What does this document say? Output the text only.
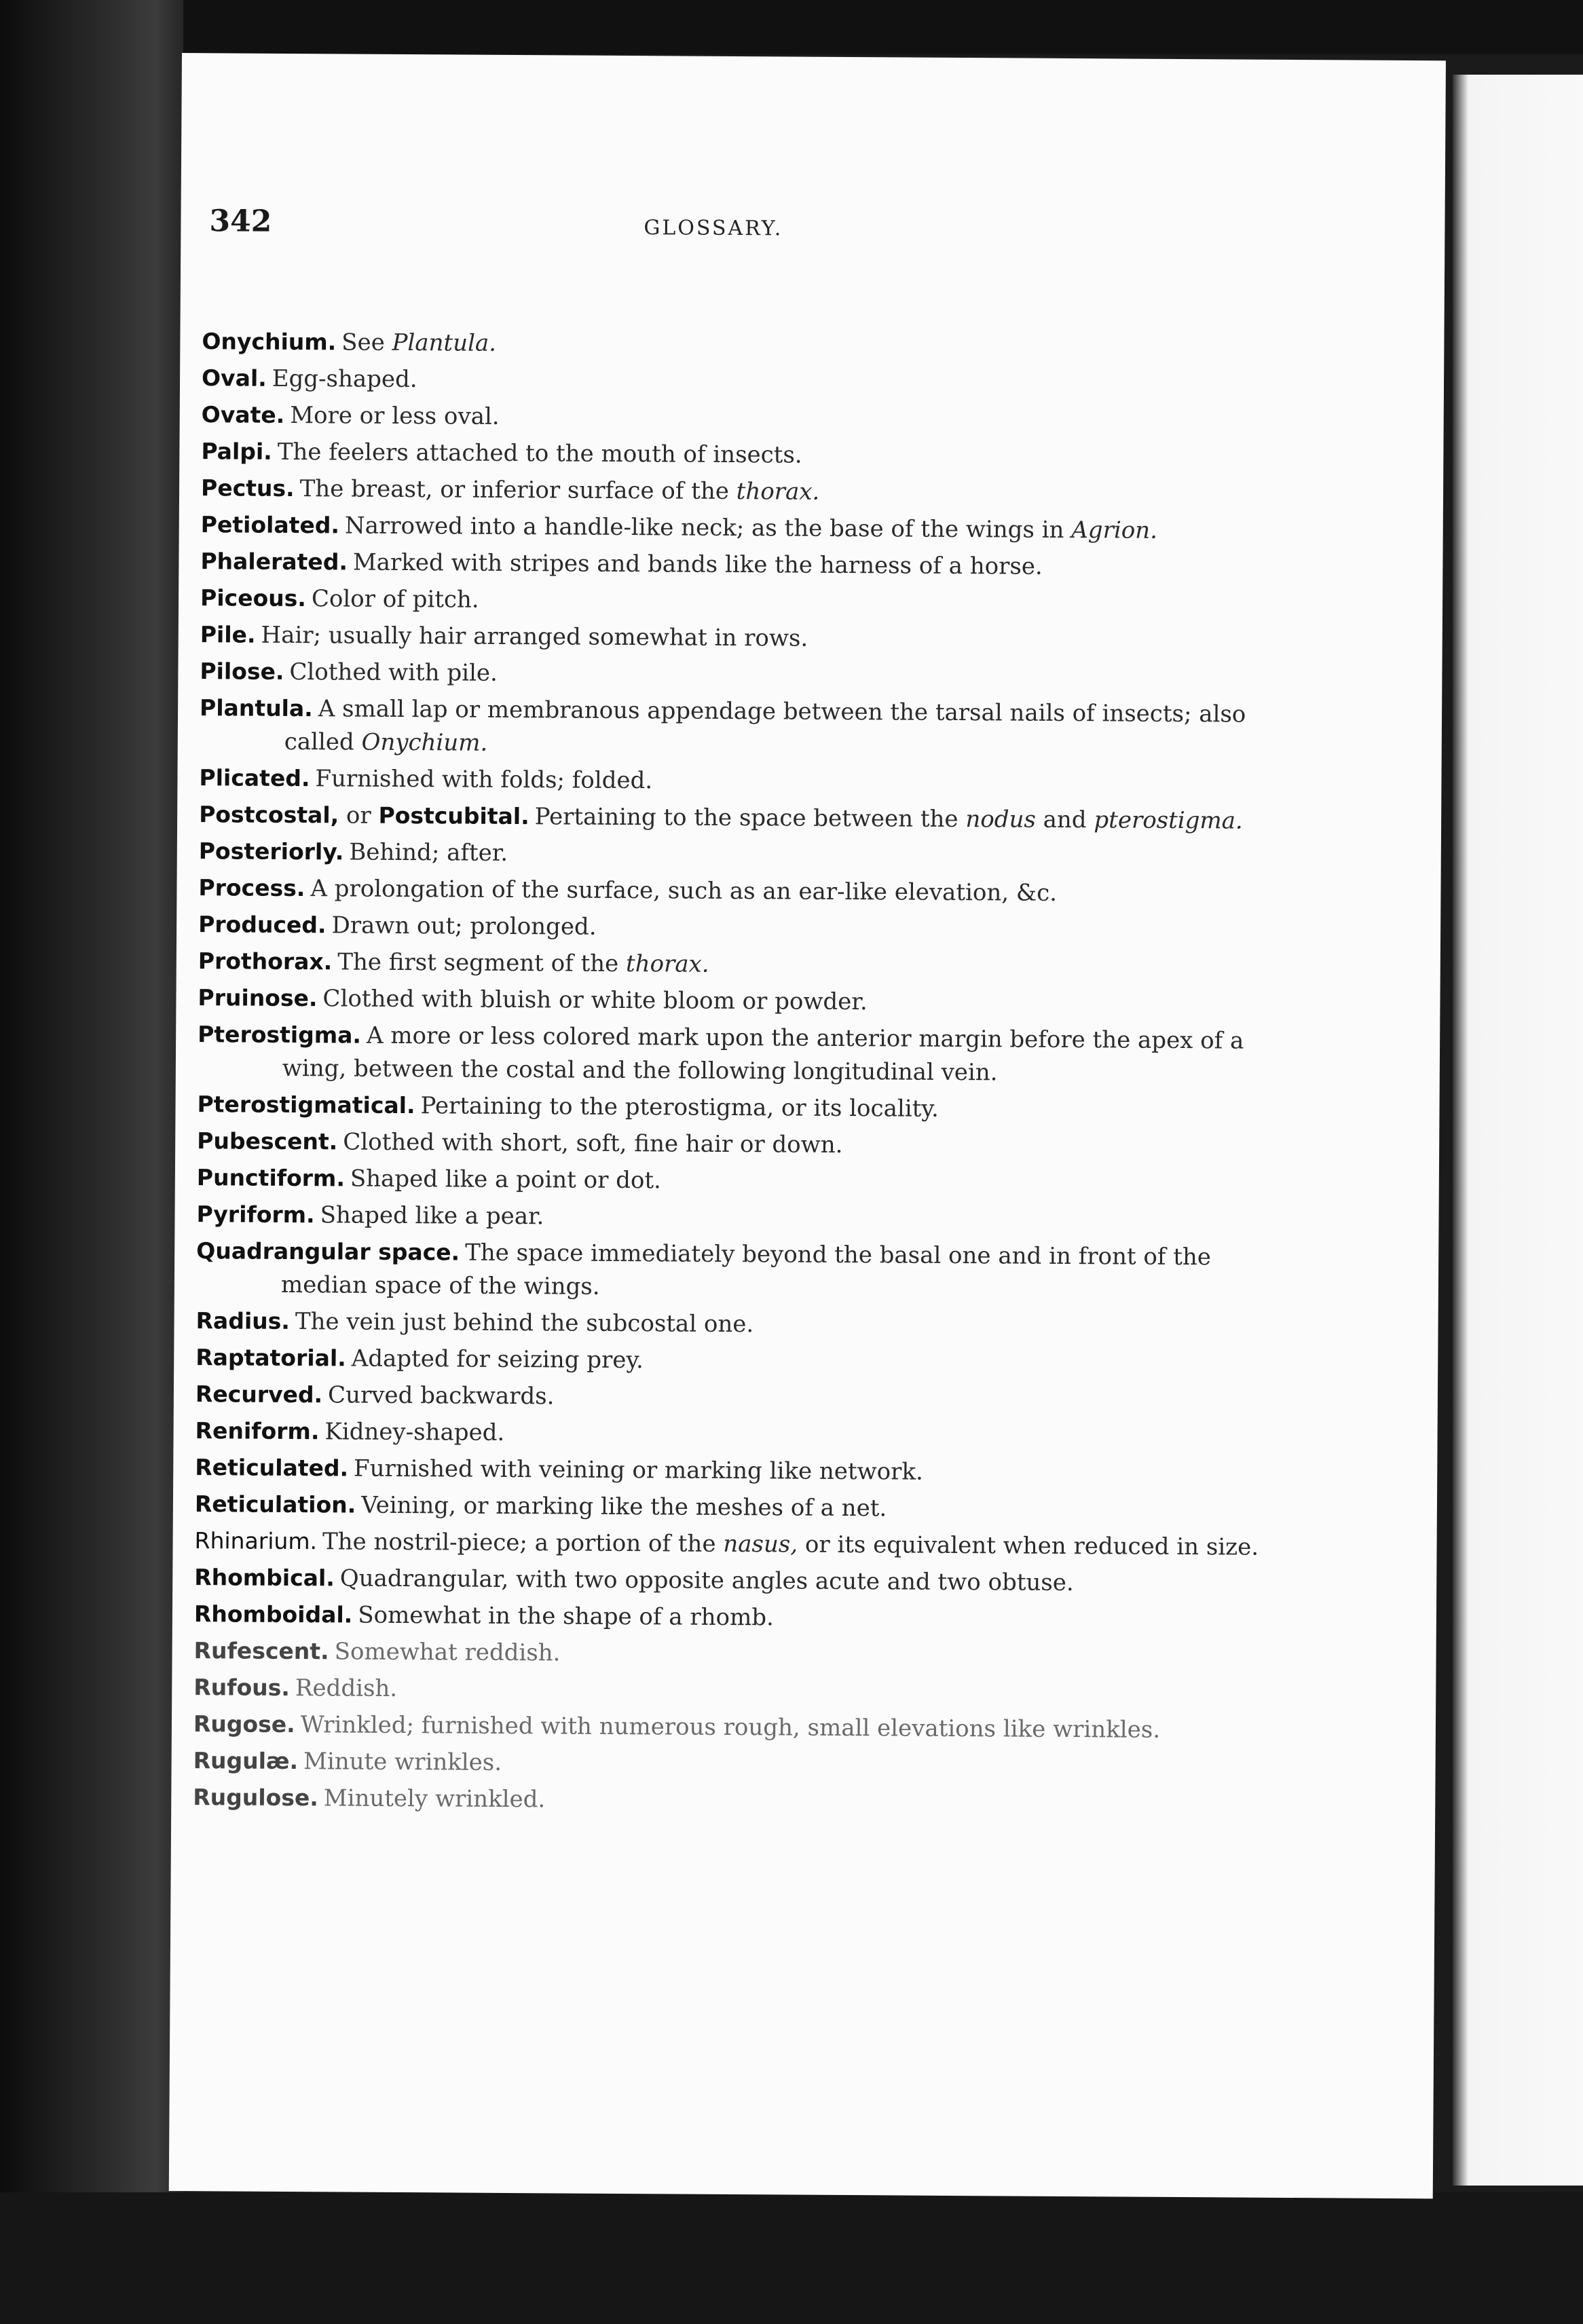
342	GLOSSARY.

Onychium. See Plantula.

Oval. Egg-shaped.

Ovate. More or less oval.

Palpi. The feelers attached to the mouth of insects.

Pectus. The breast, or inferior surface of the thorax.

Petiolated. Narrowed into a handle-like neck; as the base of the wings in Agrion.

Phalerated. Marked with stripes and bands like the harness of a horse.

Piceous. Color of pitch.

Pile. Hair; usually hair arranged somewhat in rows.

Pilose. Clothed with pile.

Plantula. A small lap or membranous appendage between the tarsal nails of insects; also called Onychium.

Plicated. Furnished with folds; folded.

Postcostal, or Postcubital. Pertaining to the space between the nodus and pterostigma.

Posteriorly. Behind; after.

Process. A prolongation of the surface, such as an ear-like elevation, &c.

Produced. Drawn out; prolonged.

Prothorax. The first segment of the thorax.

Pruinose. Clothed with bluish or white bloom or powder.

Pterostigma. A more or less colored mark upon the anterior margin before the apex of a wing, between the costal and the following longitudinal vein.

Pterostigmatical. Pertaining to the pterostigma, or its locality.

Pubescent. Clothed with short, soft, fine hair or down.

Punctiform. Shaped like a point or dot.

Pyriform. Shaped like a pear.

Quadrangular space. The space immediately beyond the basal one and in front of the median space of the wings.

Radius. The vein just behind the subcostal one.

Raptatorial. Adapted for seizing prey.

Recurved. Curved backwards.

Reniform. Kidney-shaped.

Reticulated. Furnished with veining or marking like network.

Reticulation. Veining, or marking like the meshes of a net.

Rhinarium. The nostril-piece; a portion of the nasus, or its equivalent when reduced in size.

Rhombical. Quadrangular, with two opposite angles acute and two obtuse.

Rhomboidal. Somewhat in the shape of a rhomb.

Rufescent. Somewhat reddish.

Rufous. Reddish.

Rugose. Wrinkled; furnished with numerous rough, small elevations like wrinkles.

Rugulæ. Minute wrinkles.

Rugulose. Minutely wrinkled.
